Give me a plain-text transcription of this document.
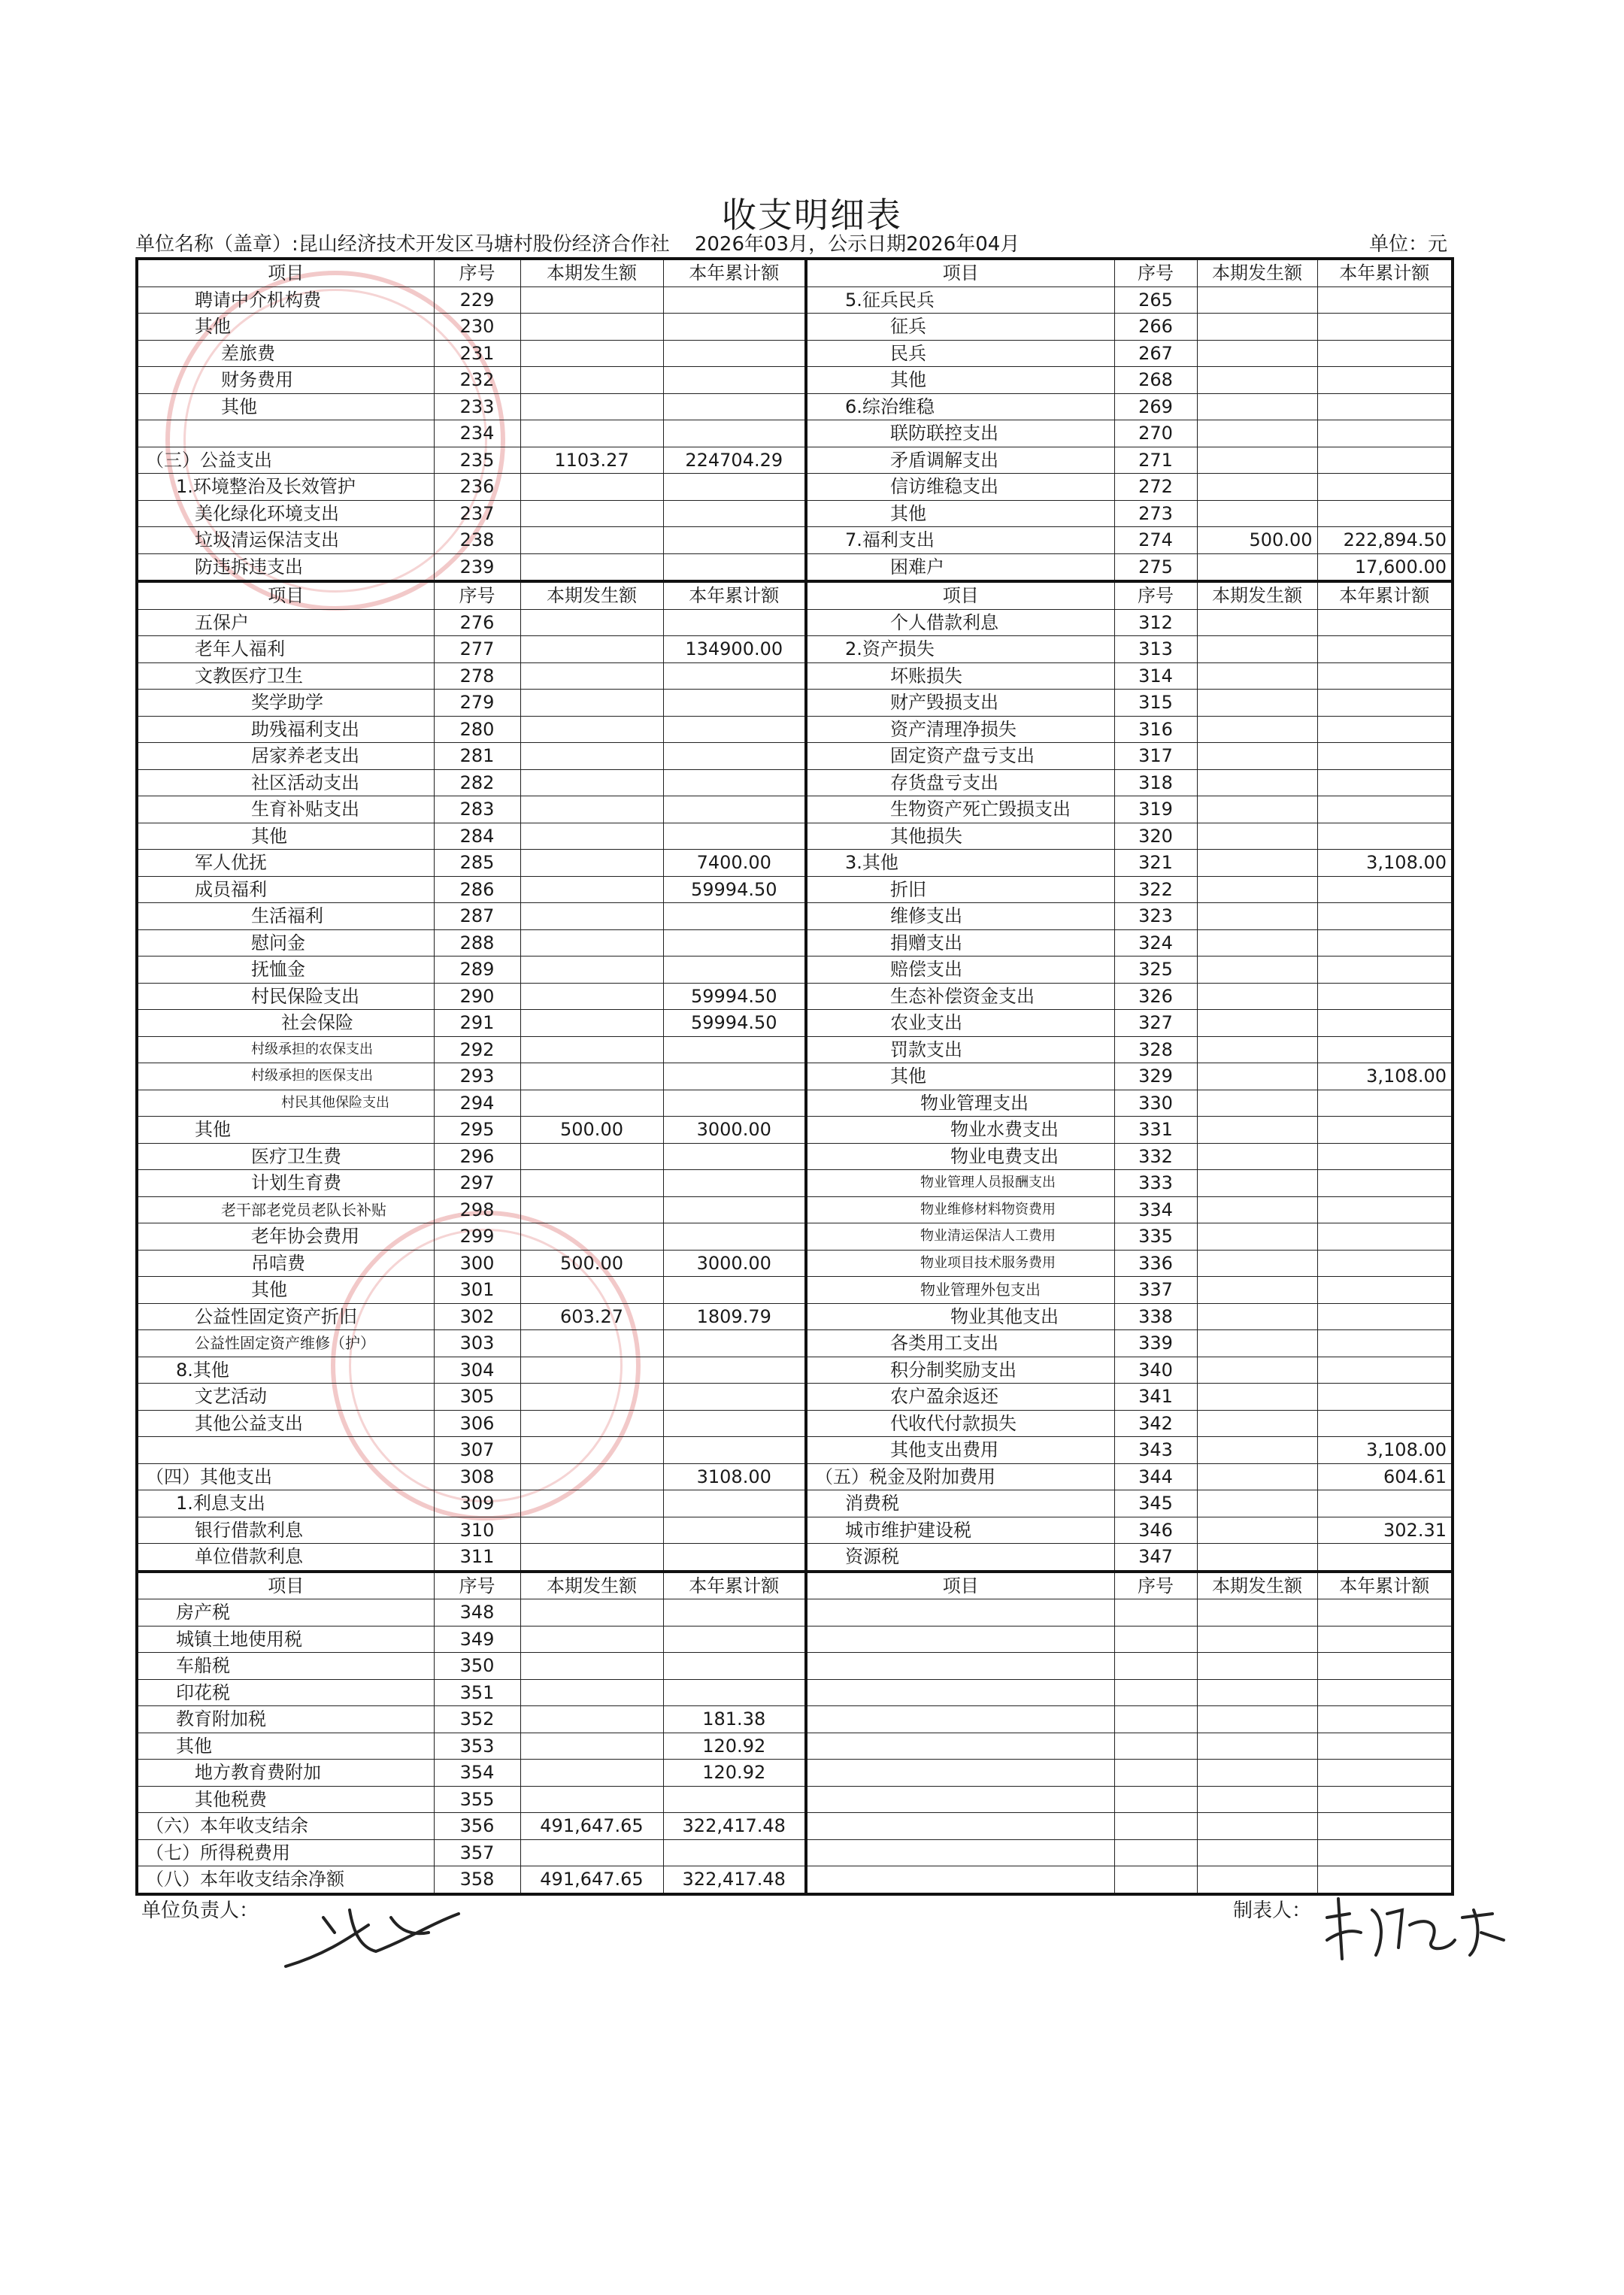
收支明细表
单位名称（盖章）:昆山经济技术开发区马塘村股份经济合作社 2026年03月，公示日期2026年04月	单位：元
项目	序号	本期发生额	本年累计额	项目	序号	本期发生额	本年累计额
聘请中介机构费	229			5.征兵民兵	265		
其他	230			征兵	266		
差旅费	231			民兵	267		
财务费用	232			其他	268		
其他	233			6.综治维稳	269		
	234			联防联控支出	270		
（三）公益支出	235	1103.27	224704.29	矛盾调解支出	271		
1.环境整治及长效管护	236			信访维稳支出	272		
美化绿化环境支出	237			其他	273		
垃圾清运保洁支出	238			7.福利支出	274	500.00	222,894.50
防违拆违支出	239			困难户	275		17,600.00
项目	序号	本期发生额	本年累计额	项目	序号	本期发生额	本年累计额
五保户	276			个人借款利息	312		
老年人福利	277		134900.00	2.资产损失	313		
文教医疗卫生	278			坏账损失	314		
奖学助学	279			财产毁损支出	315		
助残福利支出	280			资产清理净损失	316		
居家养老支出	281			固定资产盘亏支出	317		
社区活动支出	282			存货盘亏支出	318		
生育补贴支出	283			生物资产死亡毁损支出	319		
其他	284			其他损失	320		
军人优抚	285		7400.00	3.其他	321		3,108.00
成员福利	286		59994.50	折旧	322		
生活福利	287			维修支出	323		
慰问金	288			捐赠支出	324		
抚恤金	289			赔偿支出	325		
村民保险支出	290		59994.50	生态补偿资金支出	326		
社会保险	291		59994.50	农业支出	327		
村级承担的农保支出	292			罚款支出	328		
村级承担的医保支出	293			其他	329		3,108.00
村民其他保险支出	294			物业管理支出	330		
其他	295	500.00	3000.00	物业水费支出	331		
医疗卫生费	296			物业电费支出	332		
计划生育费	297			物业管理人员报酬支出	333		
老干部老党员老队长补贴	298			物业维修材料物资费用	334		
老年协会费用	299			物业清运保洁人工费用	335		
吊唁费	300	500.00	3000.00	物业项目技术服务费用	336		
其他	301			物业管理外包支出	337		
公益性固定资产折旧	302	603.27	1809.79	物业其他支出	338		
公益性固定资产维修（护）	303			各类用工支出	339		
8.其他	304			积分制奖励支出	340		
文艺活动	305			农户盈余返还	341		
其他公益支出	306			代收代付款损失	342		
	307			其他支出费用	343		3,108.00
（四）其他支出	308		3108.00	（五）税金及附加费用	344		604.61
1.利息支出	309			消费税	345		
银行借款利息	310			城市维护建设税	346		302.31
单位借款利息	311			资源税	347		
项目	序号	本期发生额	本年累计额	项目	序号	本期发生额	本年累计额
房产税	348						
城镇土地使用税	349						
车船税	350						
印花税	351						
教育附加税	352		181.38				
其他	353		120.92				
地方教育费附加	354		120.92				
其他税费	355						
（六）本年收支结余	356	491,647.65	322,417.48				
（七）所得税费用	357						
（八）本年收支结余净额	358	491,647.65	322,417.48				
单位负责人：	制表人：
